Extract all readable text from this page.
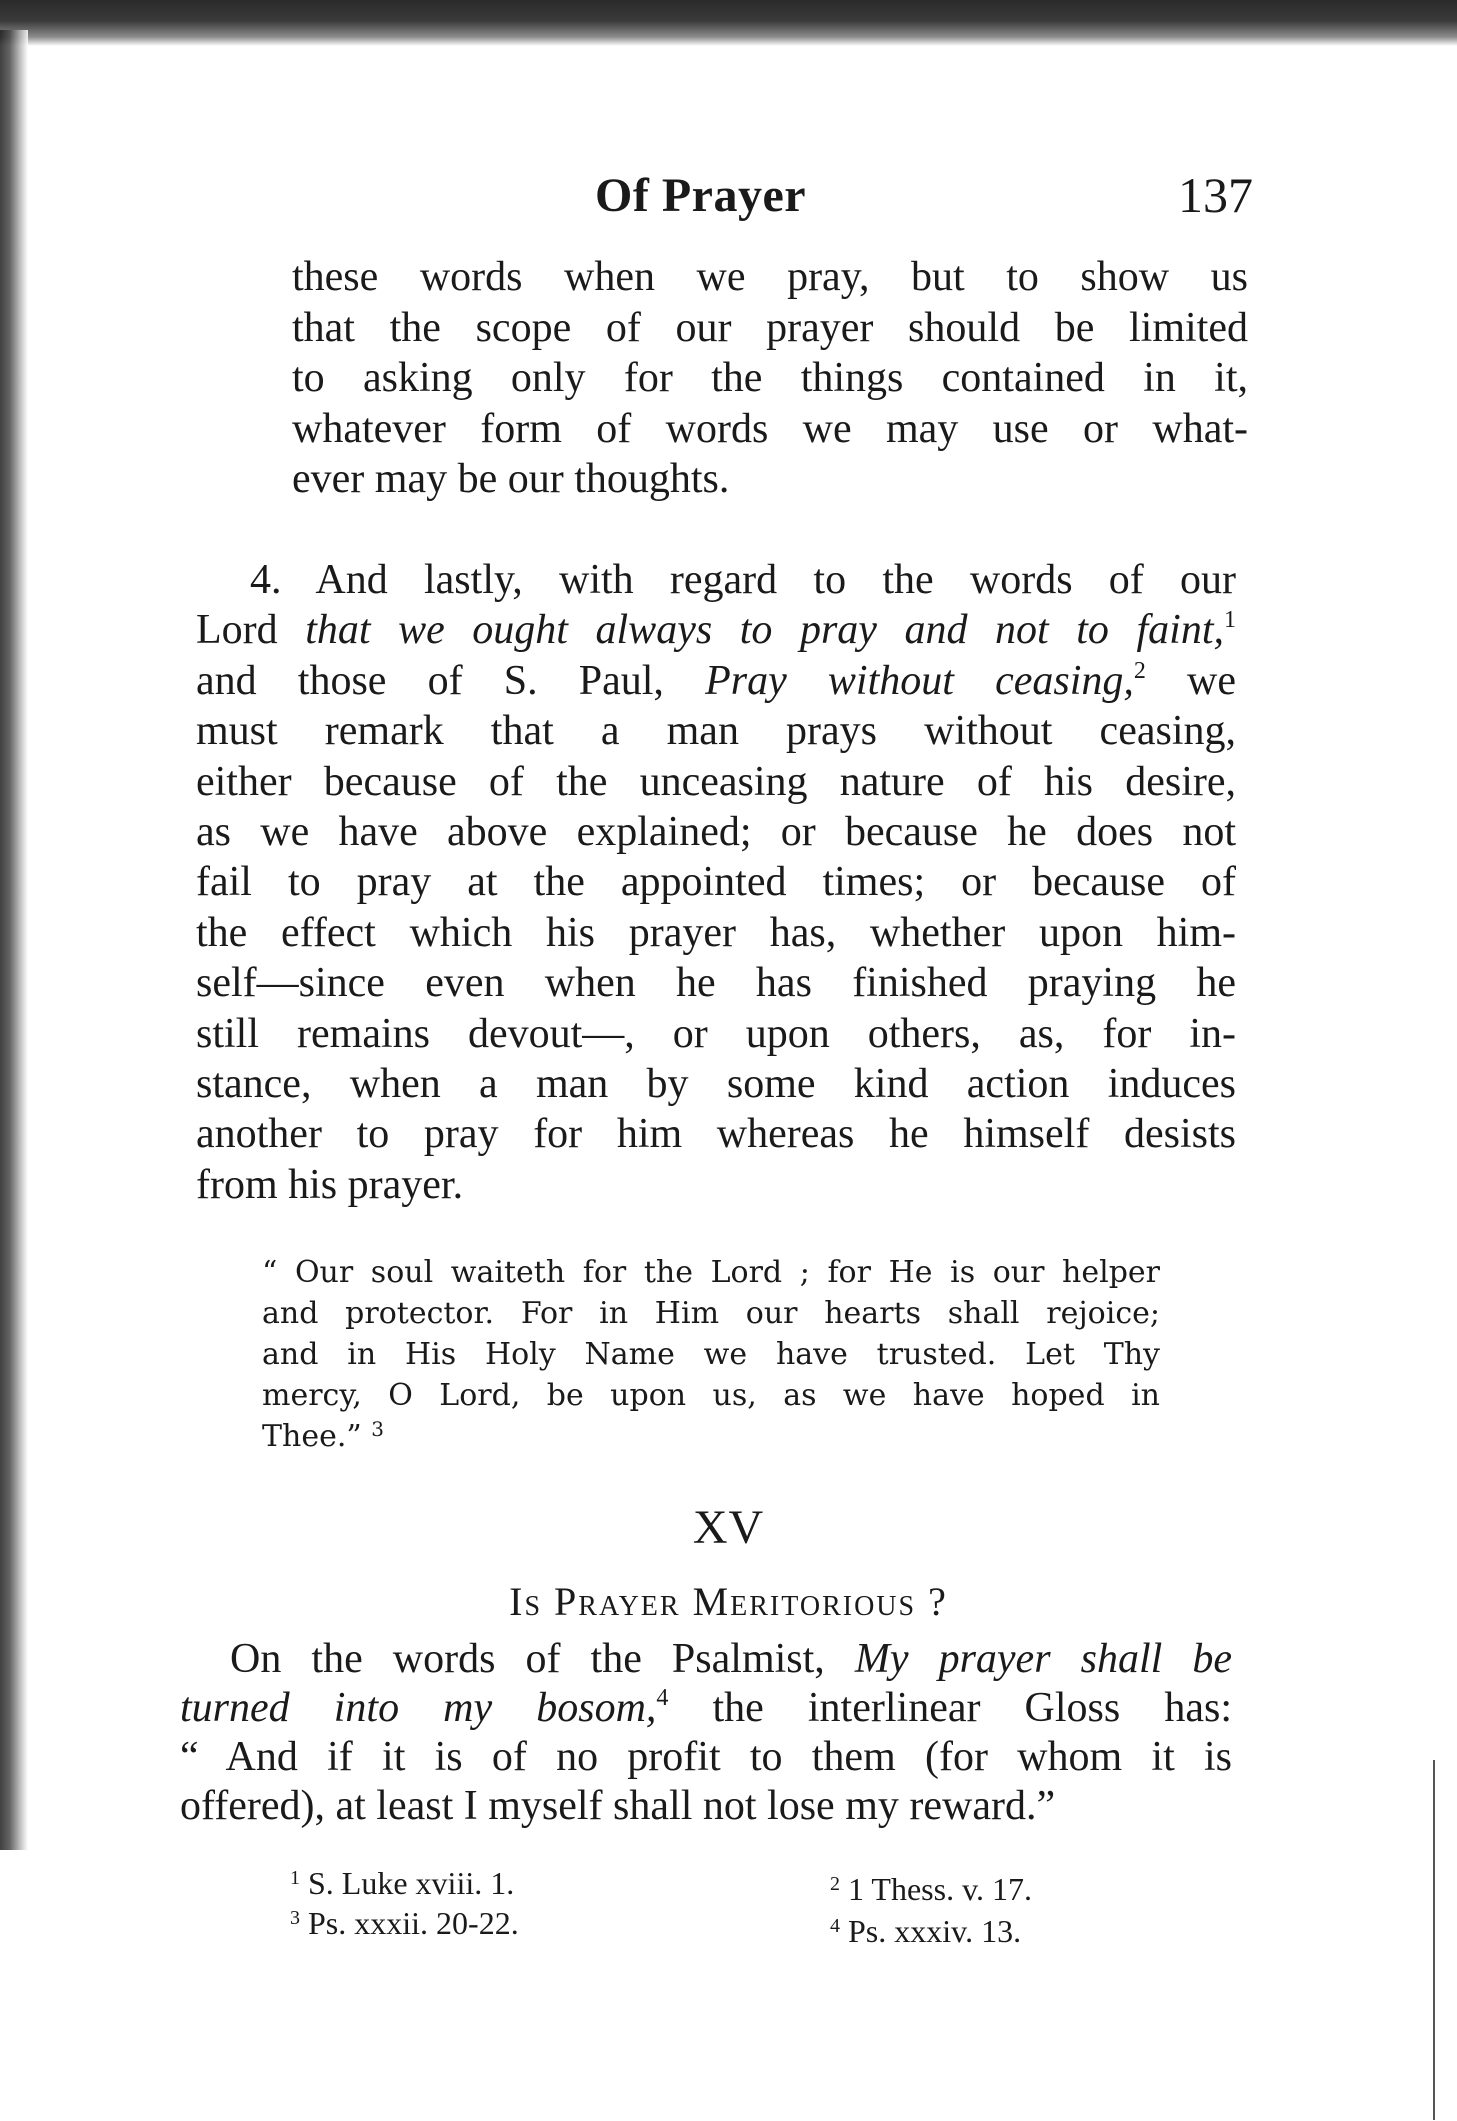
Of Prayer	137
these words when we pray, but to show us
that the scope of our prayer should be limited
to asking only for the things contained in it,
whatever form of words we may use or what-
ever may be our thoughts.
4. And lastly, with regard to the words of our
Lord that we ought always to pray and not to faint,$^1$
and those of S. Paul, Pray without ceasing,$^2$ we
must remark that a man prays without ceasing,
either because of the unceasing nature of his desire,
as we have above explained; or because he does not
fail to pray at the appointed times; or because of
the effect which his prayer has, whether upon him-
self—since even when he has finished praying he
still remains devout—, or upon others, as, for in-
stance, when a man by some kind action induces
another to pray for him whereas he himself desists
from his prayer.
“ Our soul waiteth for the Lord ; for He is our helper
and protector. For in Him our hearts shall rejoice;
and in His Holy Name we have trusted. Let Thy
mercy, O Lord, be upon us, as we have hoped in
Thee.” $^3$
XV
Is Prayer Meritorious ?
On the words of the Psalmist, My prayer shall be
turned into my bosom,$^4$ the interlinear Gloss has:
“ And if it is of no profit to them (for whom it is
offered), at least I myself shall not lose my reward.”
$^1$ S. Luke xviii. 1.	$^2$ 1 Thess. v. 17.
$^3$ Ps. xxxii. 20-22.	$^4$ Ps. xxxiv. 13.
